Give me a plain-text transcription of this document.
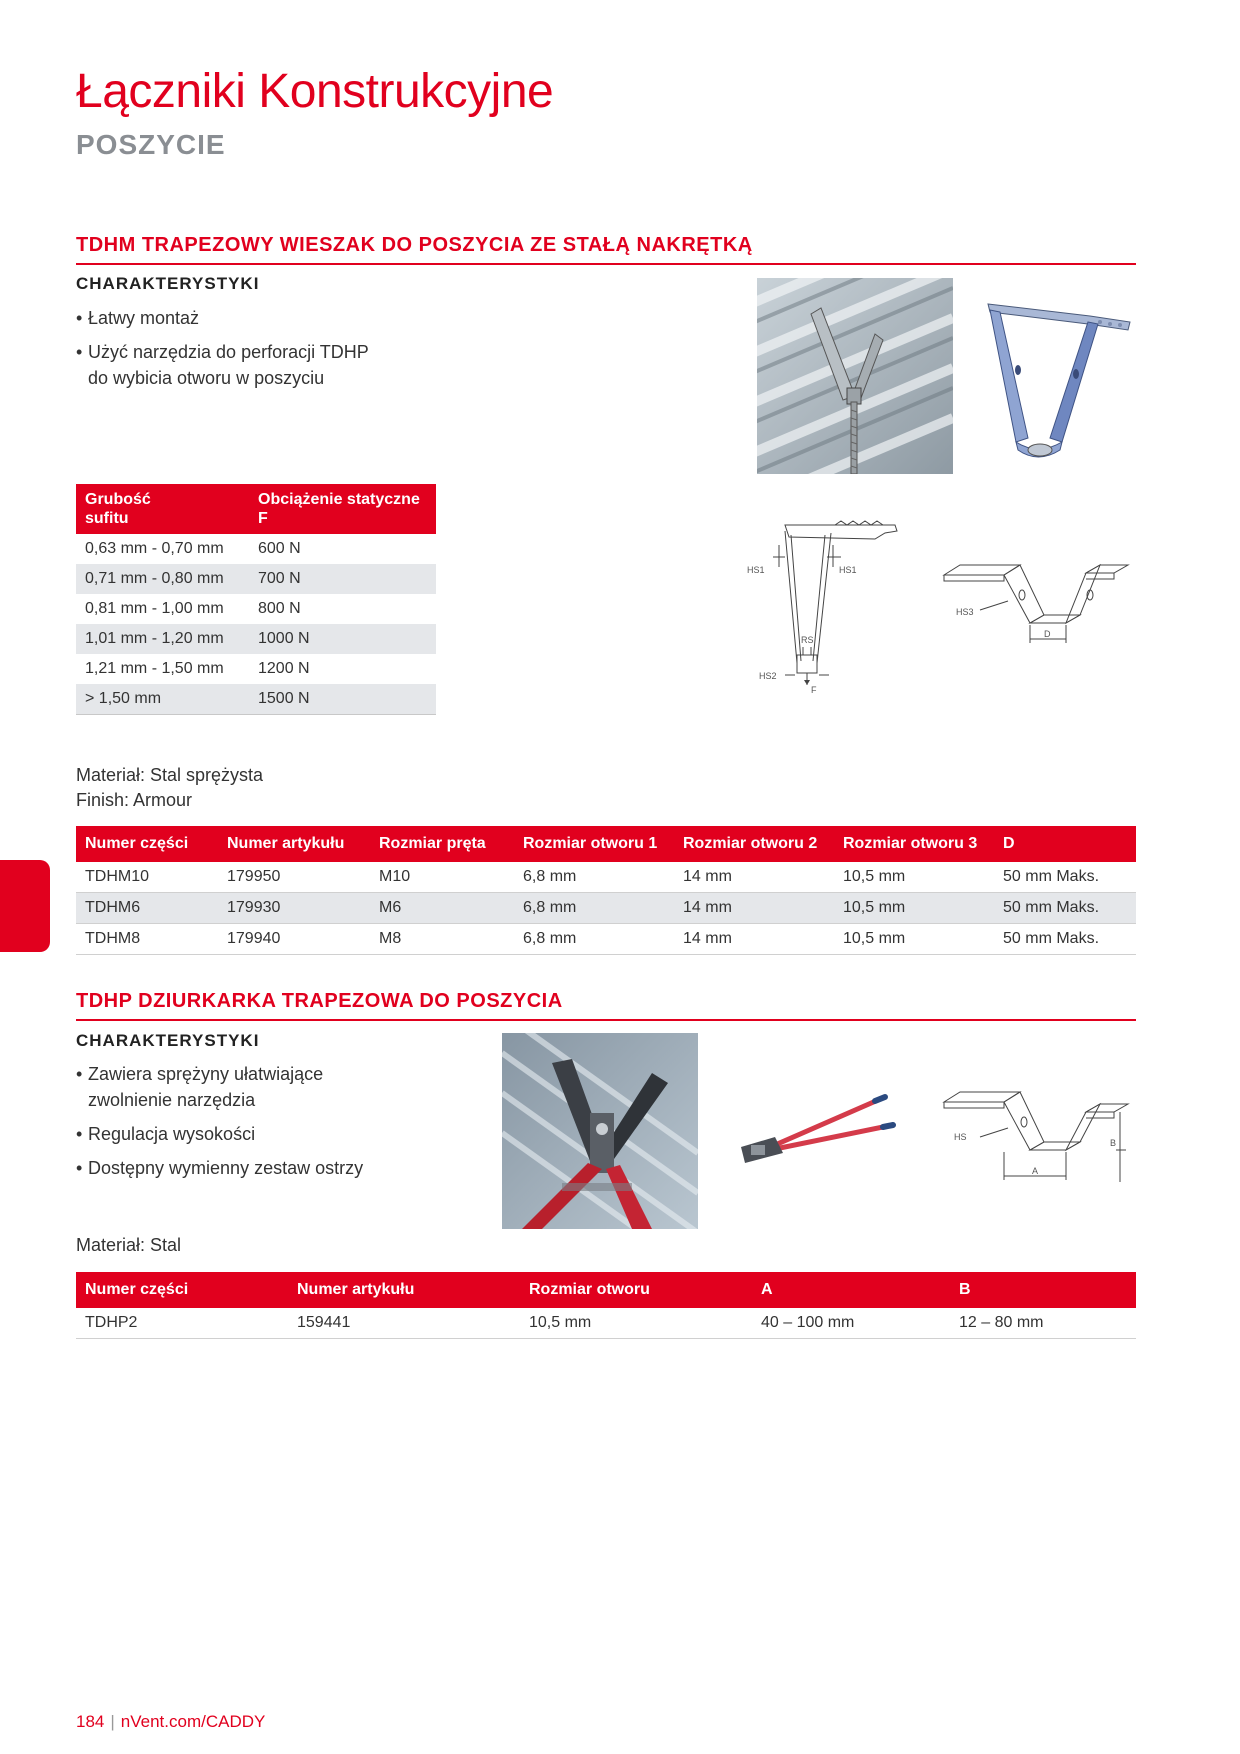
Łączniki Konstrukcyjne
POSZYCIE
TDHM TRAPEZOWY WIESZAK DO POSZYCIA ZE STAŁĄ NAKRĘTKĄ
CHARAKTERYSTYKI
• Łatwy montaż
• Użyć narzędzia do perforacji TDHP
do wybicia otworu w poszyciu
Grubość
sufitu	Obciążenie statyczne
F
0,63 mm - 0,70 mm	600 N
0,71 mm - 0,80 mm	700 N
0,81 mm - 1,00 mm	800 N
1,01 mm - 1,20 mm	1000 N
1,21 mm - 1,50 mm	1200 N
> 1,50 mm	1500 N
HS1	HS1
RS
HS2
F
HS3
D
Materiał: Stal sprężysta
Finish: Armour
Numer części	Numer artykułu	Rozmiar pręta	Rozmiar otworu 1	Rozmiar otworu 2	Rozmiar otworu 3	D
TDHM10	179950	M10	6,8 mm	14 mm	10,5 mm	50 mm Maks.
TDHM6	179930	M6	6,8 mm	14 mm	10,5 mm	50 mm Maks.
TDHM8	179940	M8	6,8 mm	14 mm	10,5 mm	50 mm Maks.
TDHP DZIURKARKA TRAPEZOWA DO POSZYCIA
CHARAKTERYSTYKI
• Zawiera sprężyny ułatwiające
zwolnienie narzędzia
• Regulacja wysokości
• Dostępny wymienny zestaw ostrzy
HS
B
A
Materiał: Stal
Numer części	Numer artykułu	Rozmiar otworu	A	B
TDHP2	159441	10,5 mm	40 – 100 mm	12 – 80 mm
184 | nVent.com/CADDY
